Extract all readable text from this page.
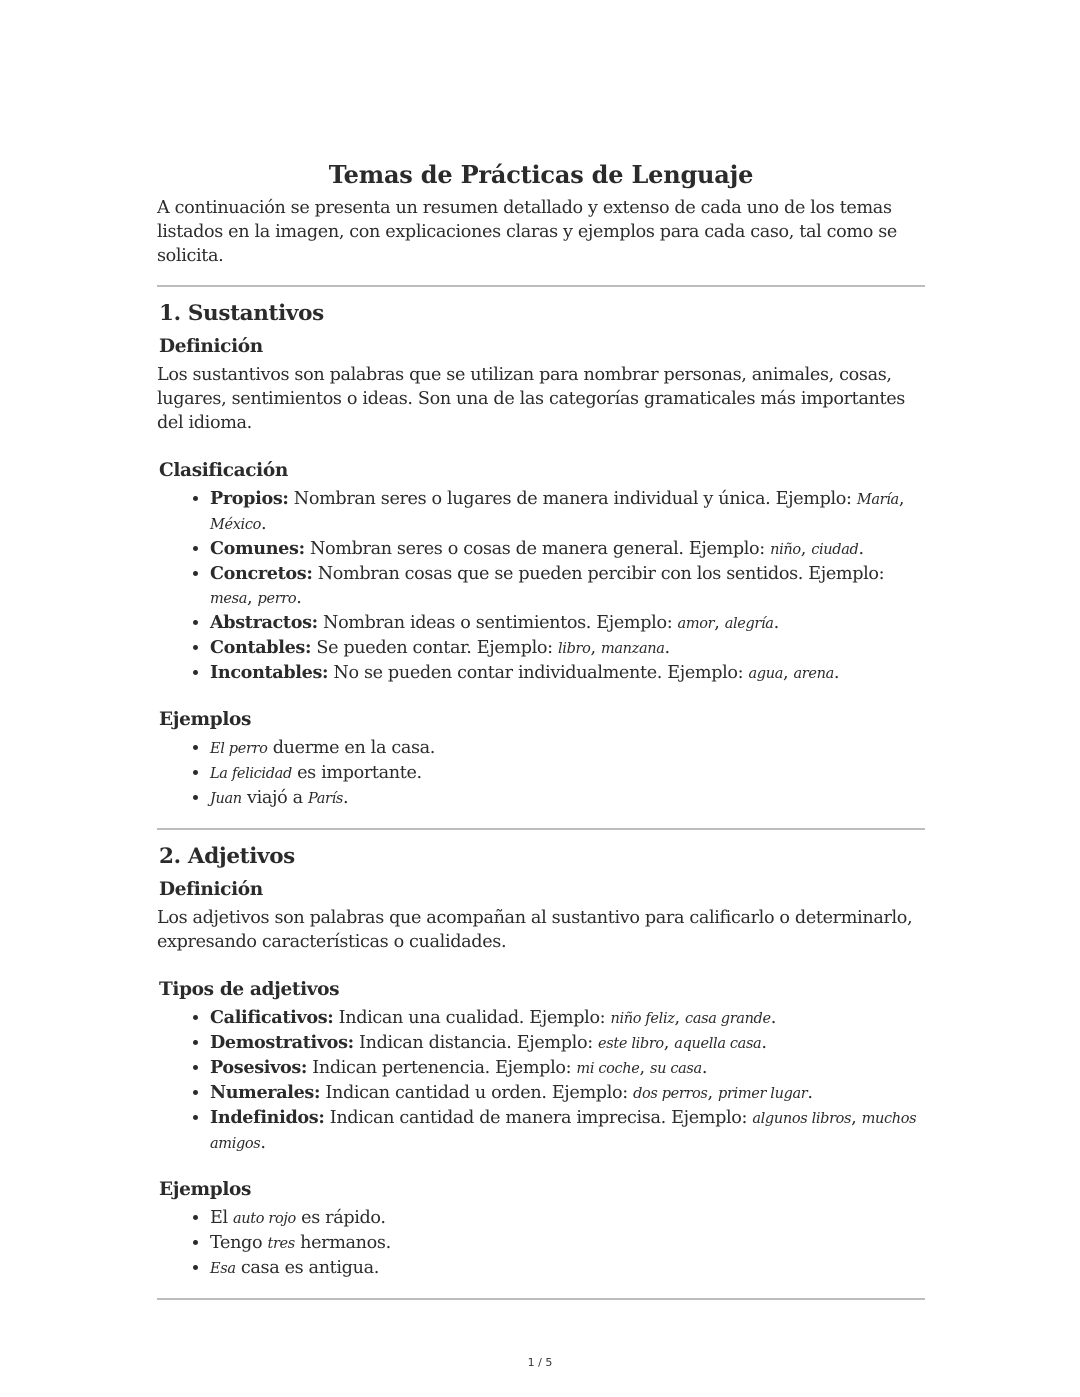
Temas de Prácticas de Lenguaje

A continuación se presenta un resumen detallado y extenso de cada uno de los temas listados en la imagen, con explicaciones claras y ejemplos para cada caso, tal como se solicita.

1. Sustantivos
Definición

Los sustantivos son palabras que se utilizan para nombrar personas, animales, cosas, lugares, sentimientos o ideas. Son una de las categorías gramaticales más importantes del idioma.

Clasificación
• Propios: Nombran seres o lugares de manera individual y única. Ejemplo: María, México.
• Comunes: Nombran seres o cosas de manera general. Ejemplo: niño, ciudad.
• Concretos: Nombran cosas que se pueden percibir con los sentidos. Ejemplo: mesa, perro.
• Abstractos: Nombran ideas o sentimientos. Ejemplo: amor, alegría.
• Contables: Se pueden contar. Ejemplo: libro, manzana.
• Incontables: No se pueden contar individualmente. Ejemplo: agua, arena.
Ejemplos
• El perro duerme en la casa.
• La felicidad es importante.
• Juan viajó a París.
2. Adjetivos
Definición

Los adjetivos son palabras que acompañan al sustantivo para calificarlo o determinarlo, expresando características o cualidades.

Tipos de adjetivos
• Calificativos: Indican una cualidad. Ejemplo: niño feliz, casa grande.
• Demostrativos: Indican distancia. Ejemplo: este libro, aquella casa.
• Posesivos: Indican pertenencia. Ejemplo: mi coche, su casa.
• Numerales: Indican cantidad u orden. Ejemplo: dos perros, primer lugar.
• Indefinidos: Indican cantidad de manera imprecisa. Ejemplo: algunos libros, muchos amigos.
Ejemplos
• El auto rojo es rápido.
• Tengo tres hermanos.
• Esa casa es antigua.
1 / 5
